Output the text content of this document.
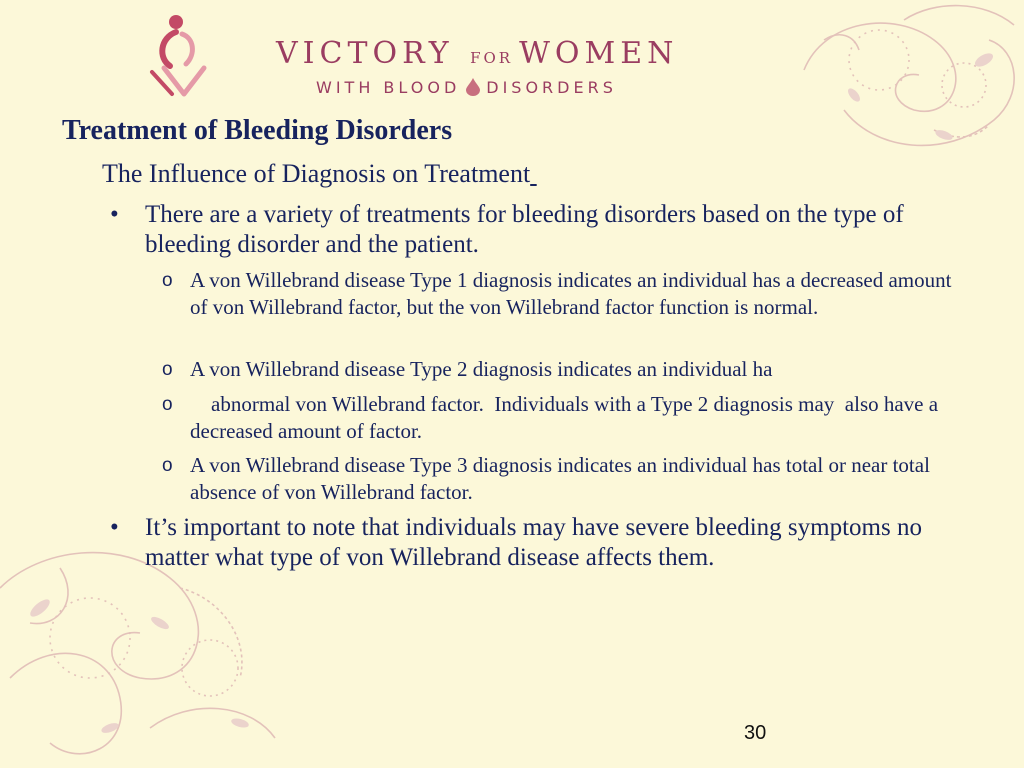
VICTORY FOR WOMEN
WITH BLOOD DISORDERS
Treatment of Bleeding Disorders
The Influence of Diagnosis on Treatment
•	There are a variety of treatments for bleeding disorders based on the type of bleeding disorder and the patient.
o A von Willebrand disease Type 1 diagnosis indicates an individual has a decreased amount of von Willebrand factor, but the von Willebrand factor function is normal.
o A von Willebrand disease Type 2 diagnosis indicates an individual ha
o abnormal von Willebrand factor.  Individuals with a Type 2 diagnosis may  also have a decreased amount of factor.
o A von Willebrand disease Type 3 diagnosis indicates an individual has total or near total absence of von Willebrand factor.
•	It’s important to note that individuals may have severe bleeding symptoms no matter what type of von Willebrand disease affects them.
30
